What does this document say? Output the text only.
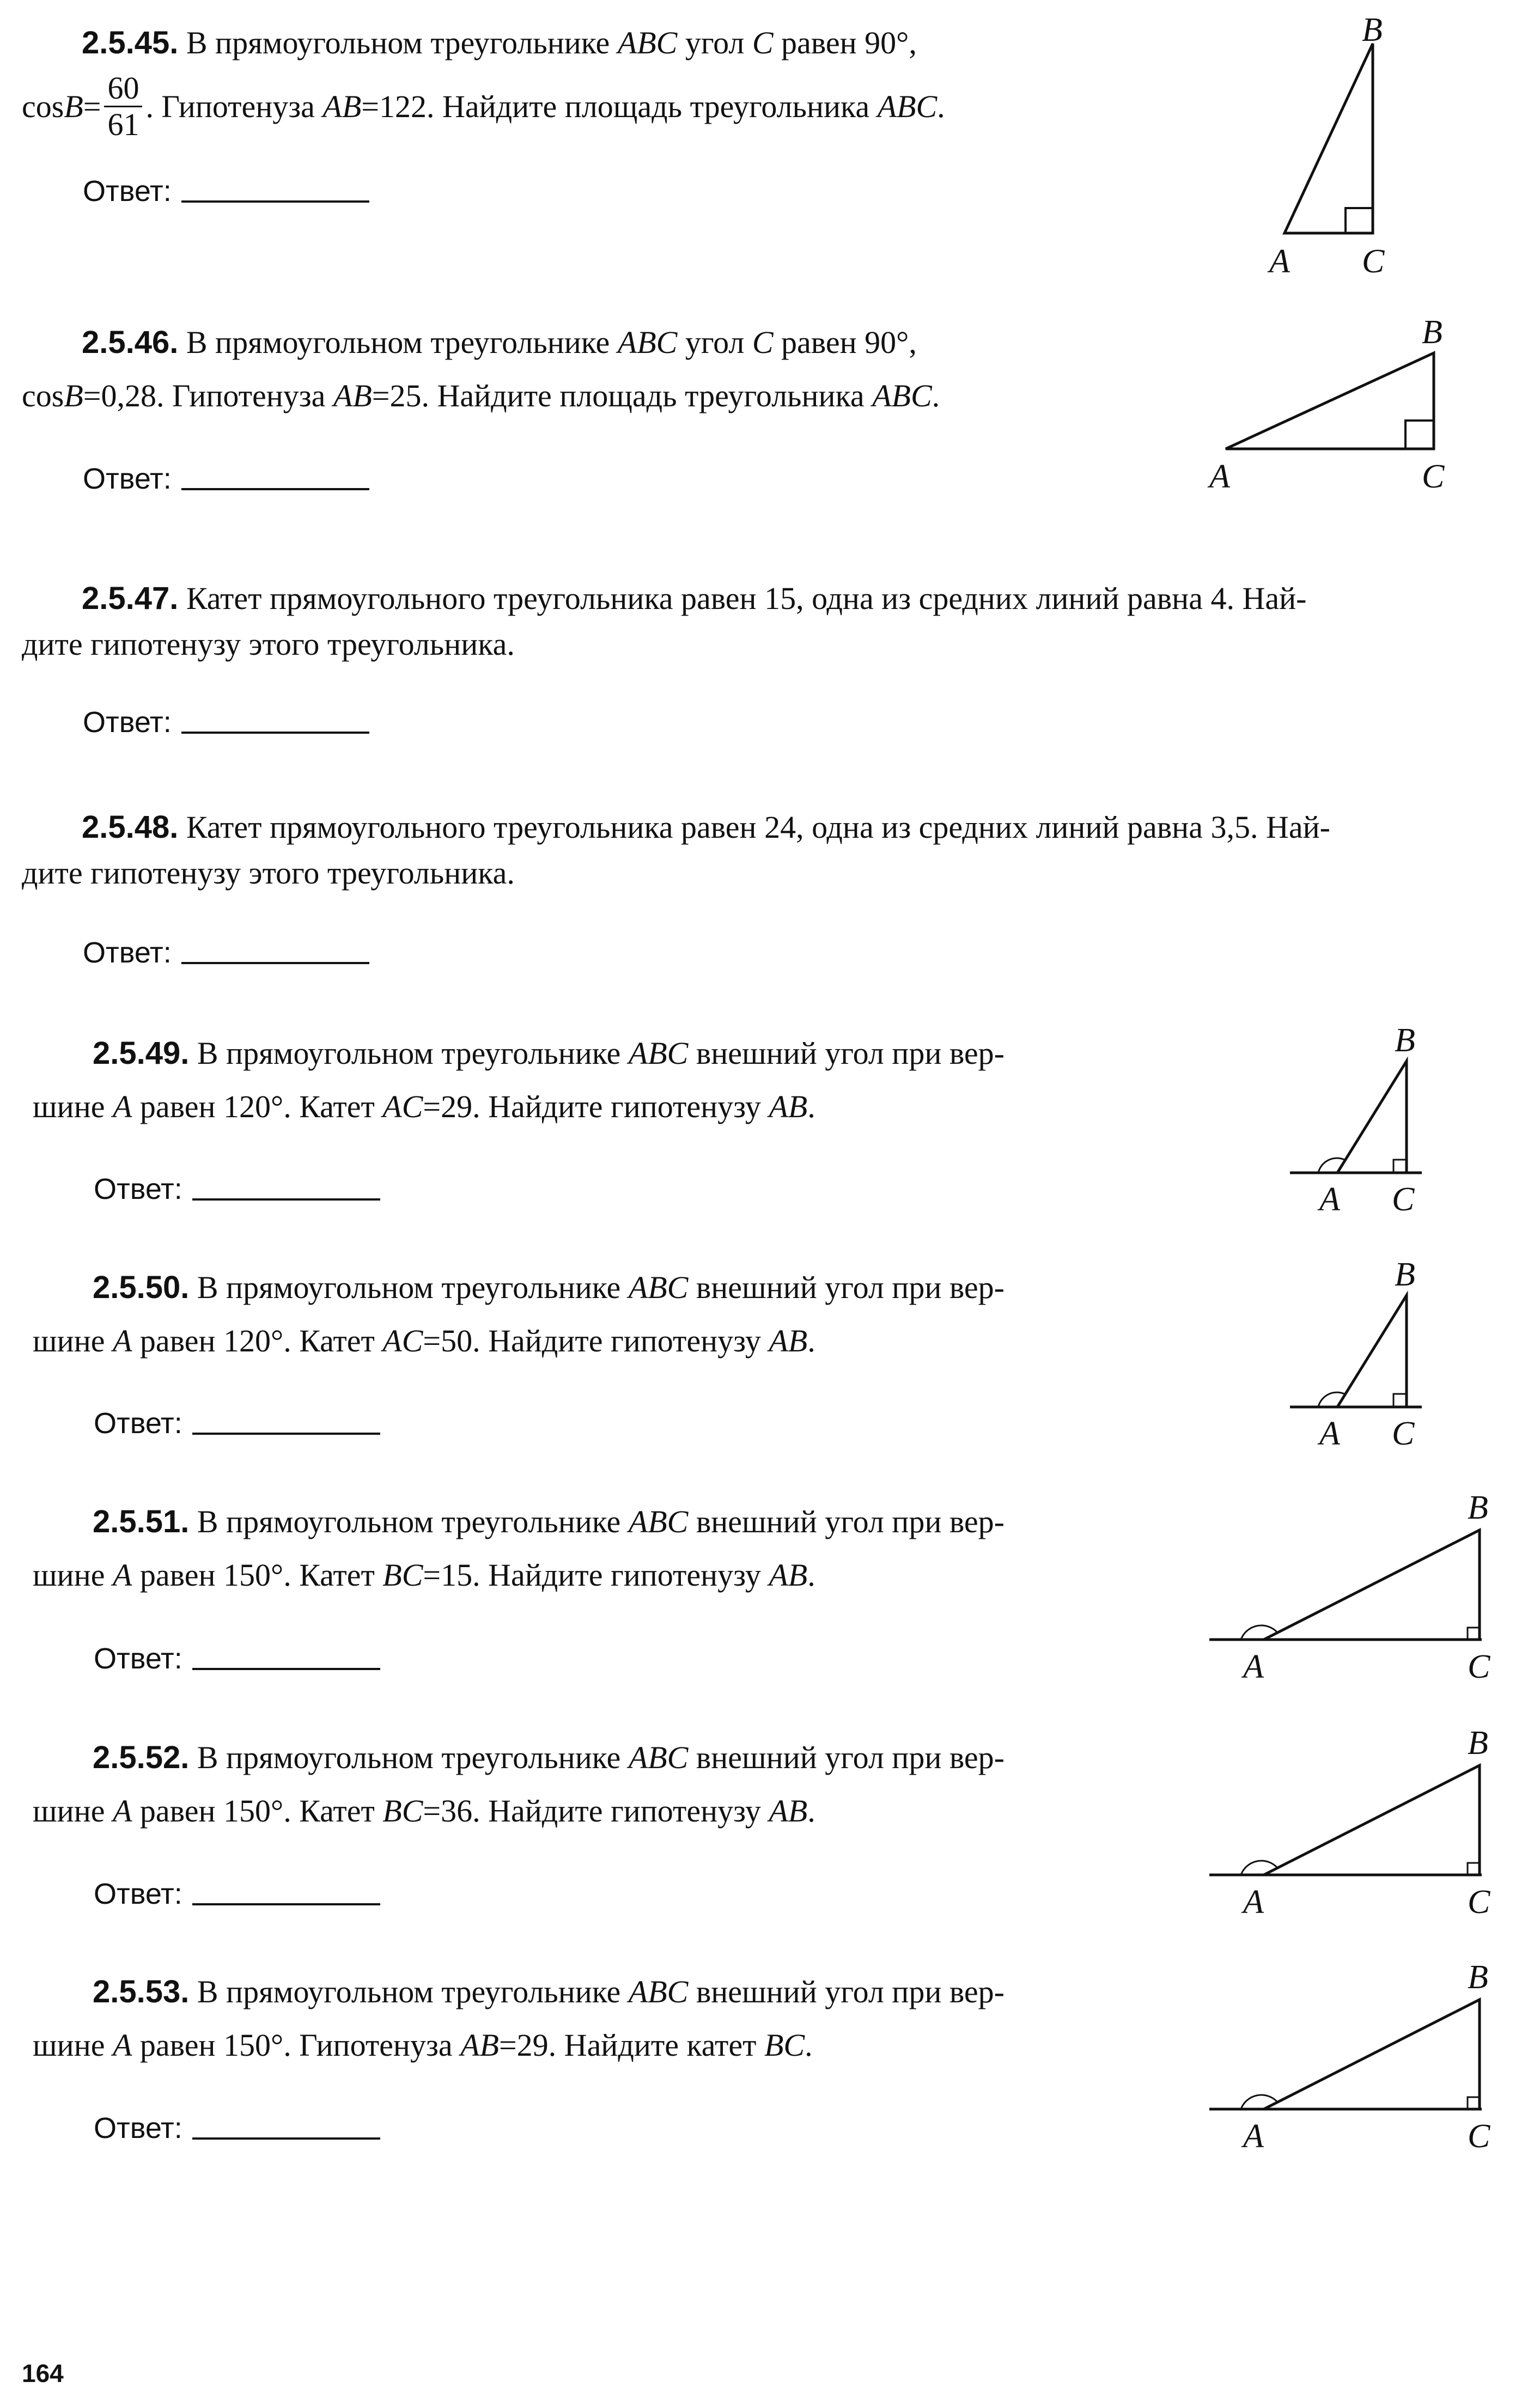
2.5.45. В прямоугольном треугольнике ABC угол C равен 90°,

$\cos B= \frac{60}{61}$ . Гипотенуза AB=122. Найдите площадь треугольника ABC.

Ответ:
B
A C

2.5.46. В прямоугольном треугольнике ABC угол C равен 90°,

cosB=0,28. Гипотенуза AB=25. Найдите площадь треугольника ABC.

Ответ:
B
A	C

2.5.47. Катет прямоугольного треугольника равен 15, одна из средних линий равна 4. Най-

дите гипотенузу этого треугольника.

Ответ:

2.5.48. Катет прямоугольного треугольника равен 24, одна из средних линий равна 3,5. Най-

дите гипотенузу этого треугольника.

Ответ:

2.5.49. В прямоугольном треугольнике ABC внешний угол при вер-

шине A равен 120°. Катет AC=29. Найдите гипотенузу AB.

Ответ:
B
A C

2.5.50. В прямоугольном треугольнике ABC внешний угол при вер-

шине A равен 120°. Катет AC=50. Найдите гипотенузу AB.

Ответ:
B
A C

2.5.51. В прямоугольном треугольнике ABC внешний угол при вер-

шине A равен 150°. Катет BC=15. Найдите гипотенузу AB.

Ответ:
B
A	C

2.5.52. В прямоугольном треугольнике ABC внешний угол при вер-

шине A равен 150°. Катет BC=36. Найдите гипотенузу AB.

Ответ:
B
A	C

2.5.53. В прямоугольном треугольнике ABC внешний угол при вер-

шине A равен 150°. Гипотенуза AB=29. Найдите катет BC.

Ответ:
B
A	C
164
